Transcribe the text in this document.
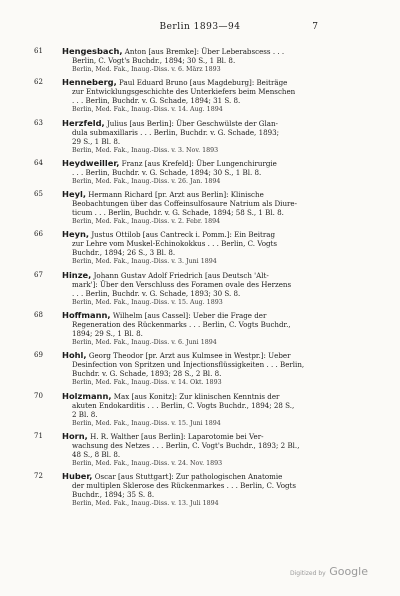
Berlin 1893—94	7
61 Hengesbach, Anton [aus Bremke]: Über Leberabscess . . .
Berlin, C. Vogt's Buchdr., 1894; 30 S., 1 Bl. 8.
Berlin, Med. Fak., Inaug.-Diss. v. 6. März 1893
62 Henneberg, Paul Eduard Bruno [aus Magdeburg]: Beiträge
zur Entwicklungsgeschichte des Unterkiefers beim Menschen
. . . Berlin, Buchdr. v. G. Schade, 1894; 31 S. 8.
Berlin, Med. Fak., Inaug.-Diss. v. 14. Aug. 1894
63 Herzfeld, Julius [aus Berlin]: Über Geschwülste der Glan-
dula submaxillaris . . . Berlin, Buchdr. v. G. Schade, 1893;
29 S., 1 Bl. 8.
Berlin, Med. Fak., Inaug.-Diss. v. 3. Nov. 1893
64 Heydweiller, Franz [aus Krefeld]: Über Lungenchirurgie
. . . Berlin, Buchdr. v. G. Schade, 1894; 30 S., 1 Bl. 8.
Berlin, Med. Fak., Inaug.-Diss. v. 26. Jan. 1894
65 Heyl, Hermann Richard [pr. Arzt aus Berlin]: Klinische
Beobachtungen über das Coffeinsulfosaure Natrium als Diure-
ticum . . . Berlin, Buchdr. v. G. Schade, 1894; 58 S., 1 Bl. 8.
Berlin, Med. Fak., Inaug.-Diss. v. 2. Febr. 1894
66 Heyn, Justus Ottilob [aus Cantreck i. Pomm.]: Ein Beitrag
zur Lehre vom Muskel-Echinokokkus . . . Berlin, C. Vogts
Buchdr., 1894; 26 S., 3 Bl. 8.
Berlin, Med. Fak., Inaug.-Diss. v. 3. Juni 1894
67 Hinze, Johann Gustav Adolf Friedrich [aus Deutsch 'Alt-
mark']: Über den Verschluss des Foramen ovale des Herzens
. . . Berlin, Buchdr. v. G. Schade, 1893; 30 S. 8.
Berlin, Med. Fak., Inaug.-Diss. v. 15. Aug. 1893
68 Hoffmann, Wilhelm [aus Cassel]: Ueber die Frage der
Regeneration des Rückenmarks . . . Berlin, C. Vogts Buchdr.,
1894; 29 S., 1 Bl. 8.
Berlin, Med. Fak., Inaug.-Diss. v. 6. Juni 1894
69 Hohl, Georg Theodor [pr. Arzt aus Kulmsee in Westpr.]: Ueber
Desinfection von Spritzen und Injectionsflüssigkeiten . . . Berlin,
Buchdr. v. G. Schade, 1893; 28 S., 2 Bl. 8.
Berlin, Med. Fak., Inaug.-Diss. v. 14. Okt. 1893
70 Holzmann, Max [aus Konitz]: Zur klinischen Kenntnis der
akuten Endokarditis . . . Berlin, C. Vogts Buchdr., 1894; 28 S.,
2 Bl. 8.
Berlin, Med. Fak., Inaug.-Diss. v. 15. Juni 1894
71 Horn, H. R. Walther [aus Berlin]: Laparotomie bei Ver-
wachsung des Netzes . . . Berlin, C. Vogt's Buchdr., 1893; 2 Bl.,
48 S., 8 Bl. 8.
Berlin, Med. Fak., Inaug.-Diss. v. 24. Nov. 1893
72 Huber, Oscar [aus Stuttgart]: Zur pathologischen Anatomie
der multiplen Sklerose des Rückenmarkes . . . Berlin, C. Vogts
Buchdr., 1894; 35 S. 8.
Berlin, Med. Fak., Inaug.-Diss. v. 13. Juli 1894
Digitized by Google
